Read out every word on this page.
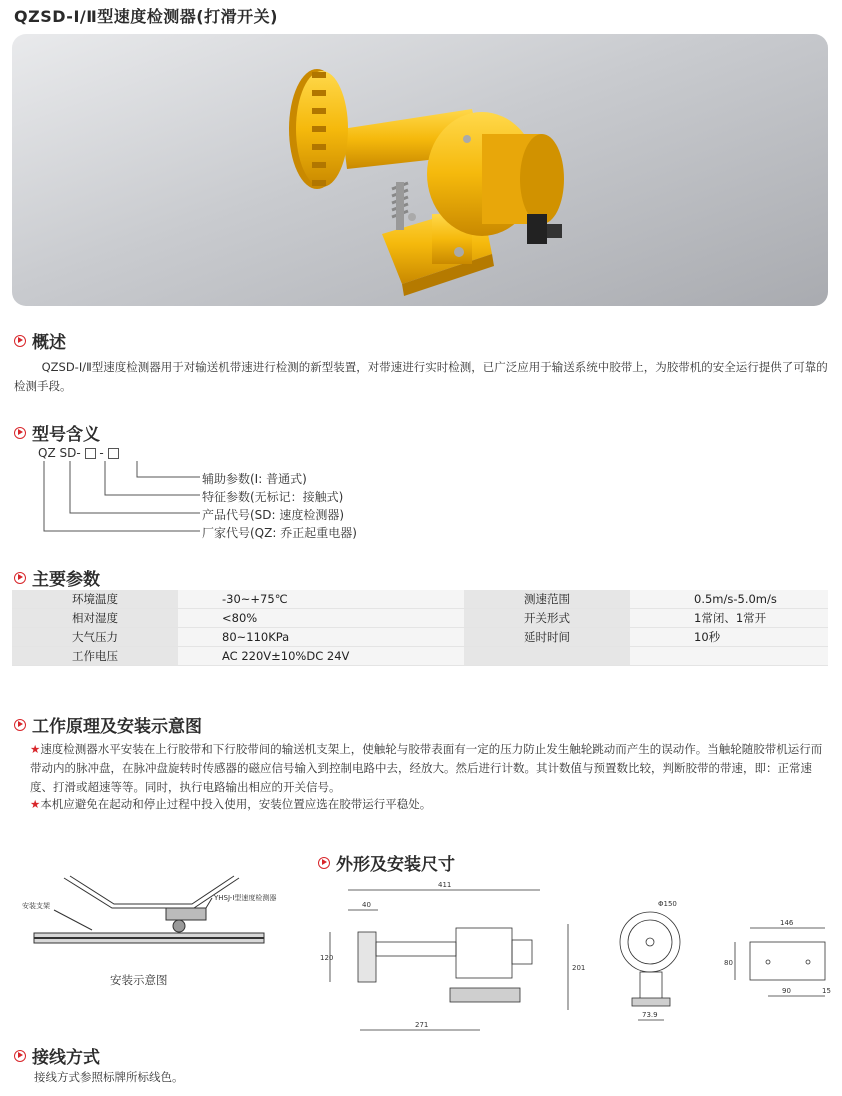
QZSD-Ⅰ/Ⅱ型速度检测器(打滑开关)
概述
QZSD-Ⅰ/Ⅱ型速度检测器用于对输送机带速进行检测的新型装置，对带速进行实时检测，已广泛应用于输送系统中胶带上，为胶带机的安全运行提供了可靠的检测手段。
型号含义
QZ SD- -
辅助参数(Ⅰ: 普通式)
特征参数(无标记：接触式)
产品代号(SD: 速度检测器)
厂家代号(QZ: 乔正起重电器)
主要参数
环境温度	-30~+75℃	测速范围	0.5m/s-5.0m/s
相对湿度	<80%	开关形式	1常闭、1常开
大气压力	80~110KPa	延时时间	10秒
工作电压	AC 220V±10%DC 24V		
工作原理及安装示意图
★速度检测器水平安装在上行胶带和下行胶带间的输送机支架上，使触轮与胶带表面有一定的压力防止发生触轮跳动而产生的误动作。当触轮随胶带机运行而带动内的脉冲盘，在脉冲盘旋转时传感器的磁应信号输入到控制电路中去，经放大。然后进行计数。其计数值与预置数比较，判断胶带的带速，即：正常速度、打滑或超速等等。同时，执行电路输出相应的开关信号。
★本机应避免在起动和停止过程中投入使用，安装位置应选在胶带运行平稳处。
安装支架
YHSJ-Ⅰ型速度检测器
安装示意图
外形及安装尺寸
411
40
120
201
271
Φ150
73.9
146
80
90	15
接线方式
接线方式参照标牌所标线色。
